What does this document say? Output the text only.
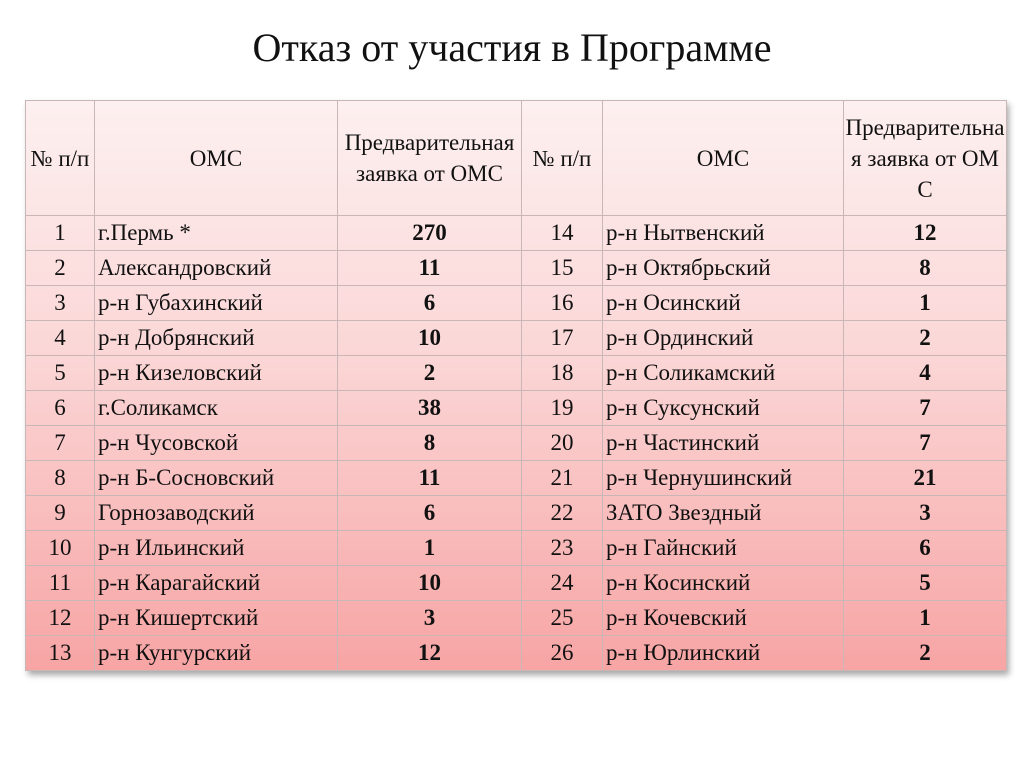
Отказ от участия в Программе
№ п/п	ОМС	Предварительная заявка от ОМС	№ п/п	ОМС	Предварительная заявка от ОМС
1	г.Пермь *	270	14	р-н Нытвенский	12
2	Александровский	11	15	р-н Октябрьский	8
3	р-н Губахинский	6	16	р-н Осинский	1
4	р-н Добрянский	10	17	р-н Ординский	2
5	р-н Кизеловский	2	18	р-н Соликамский	4
6	г.Соликамск	38	19	р-н Суксунский	7
7	р-н Чусовской	8	20	р-н Частинский	7
8	р-н Б-Сосновский	11	21	р-н Чернушинский	21
9	Горнозаводский	6	22	ЗАТО Звездный	3
10	р-н Ильинский	1	23	р-н Гайнский	6
11	р-н Карагайский	10	24	р-н Косинский	5
12	р-н Кишертский	3	25	р-н Кочевский	1
13	р-н Кунгурский	12	26	р-н Юрлинский	2
